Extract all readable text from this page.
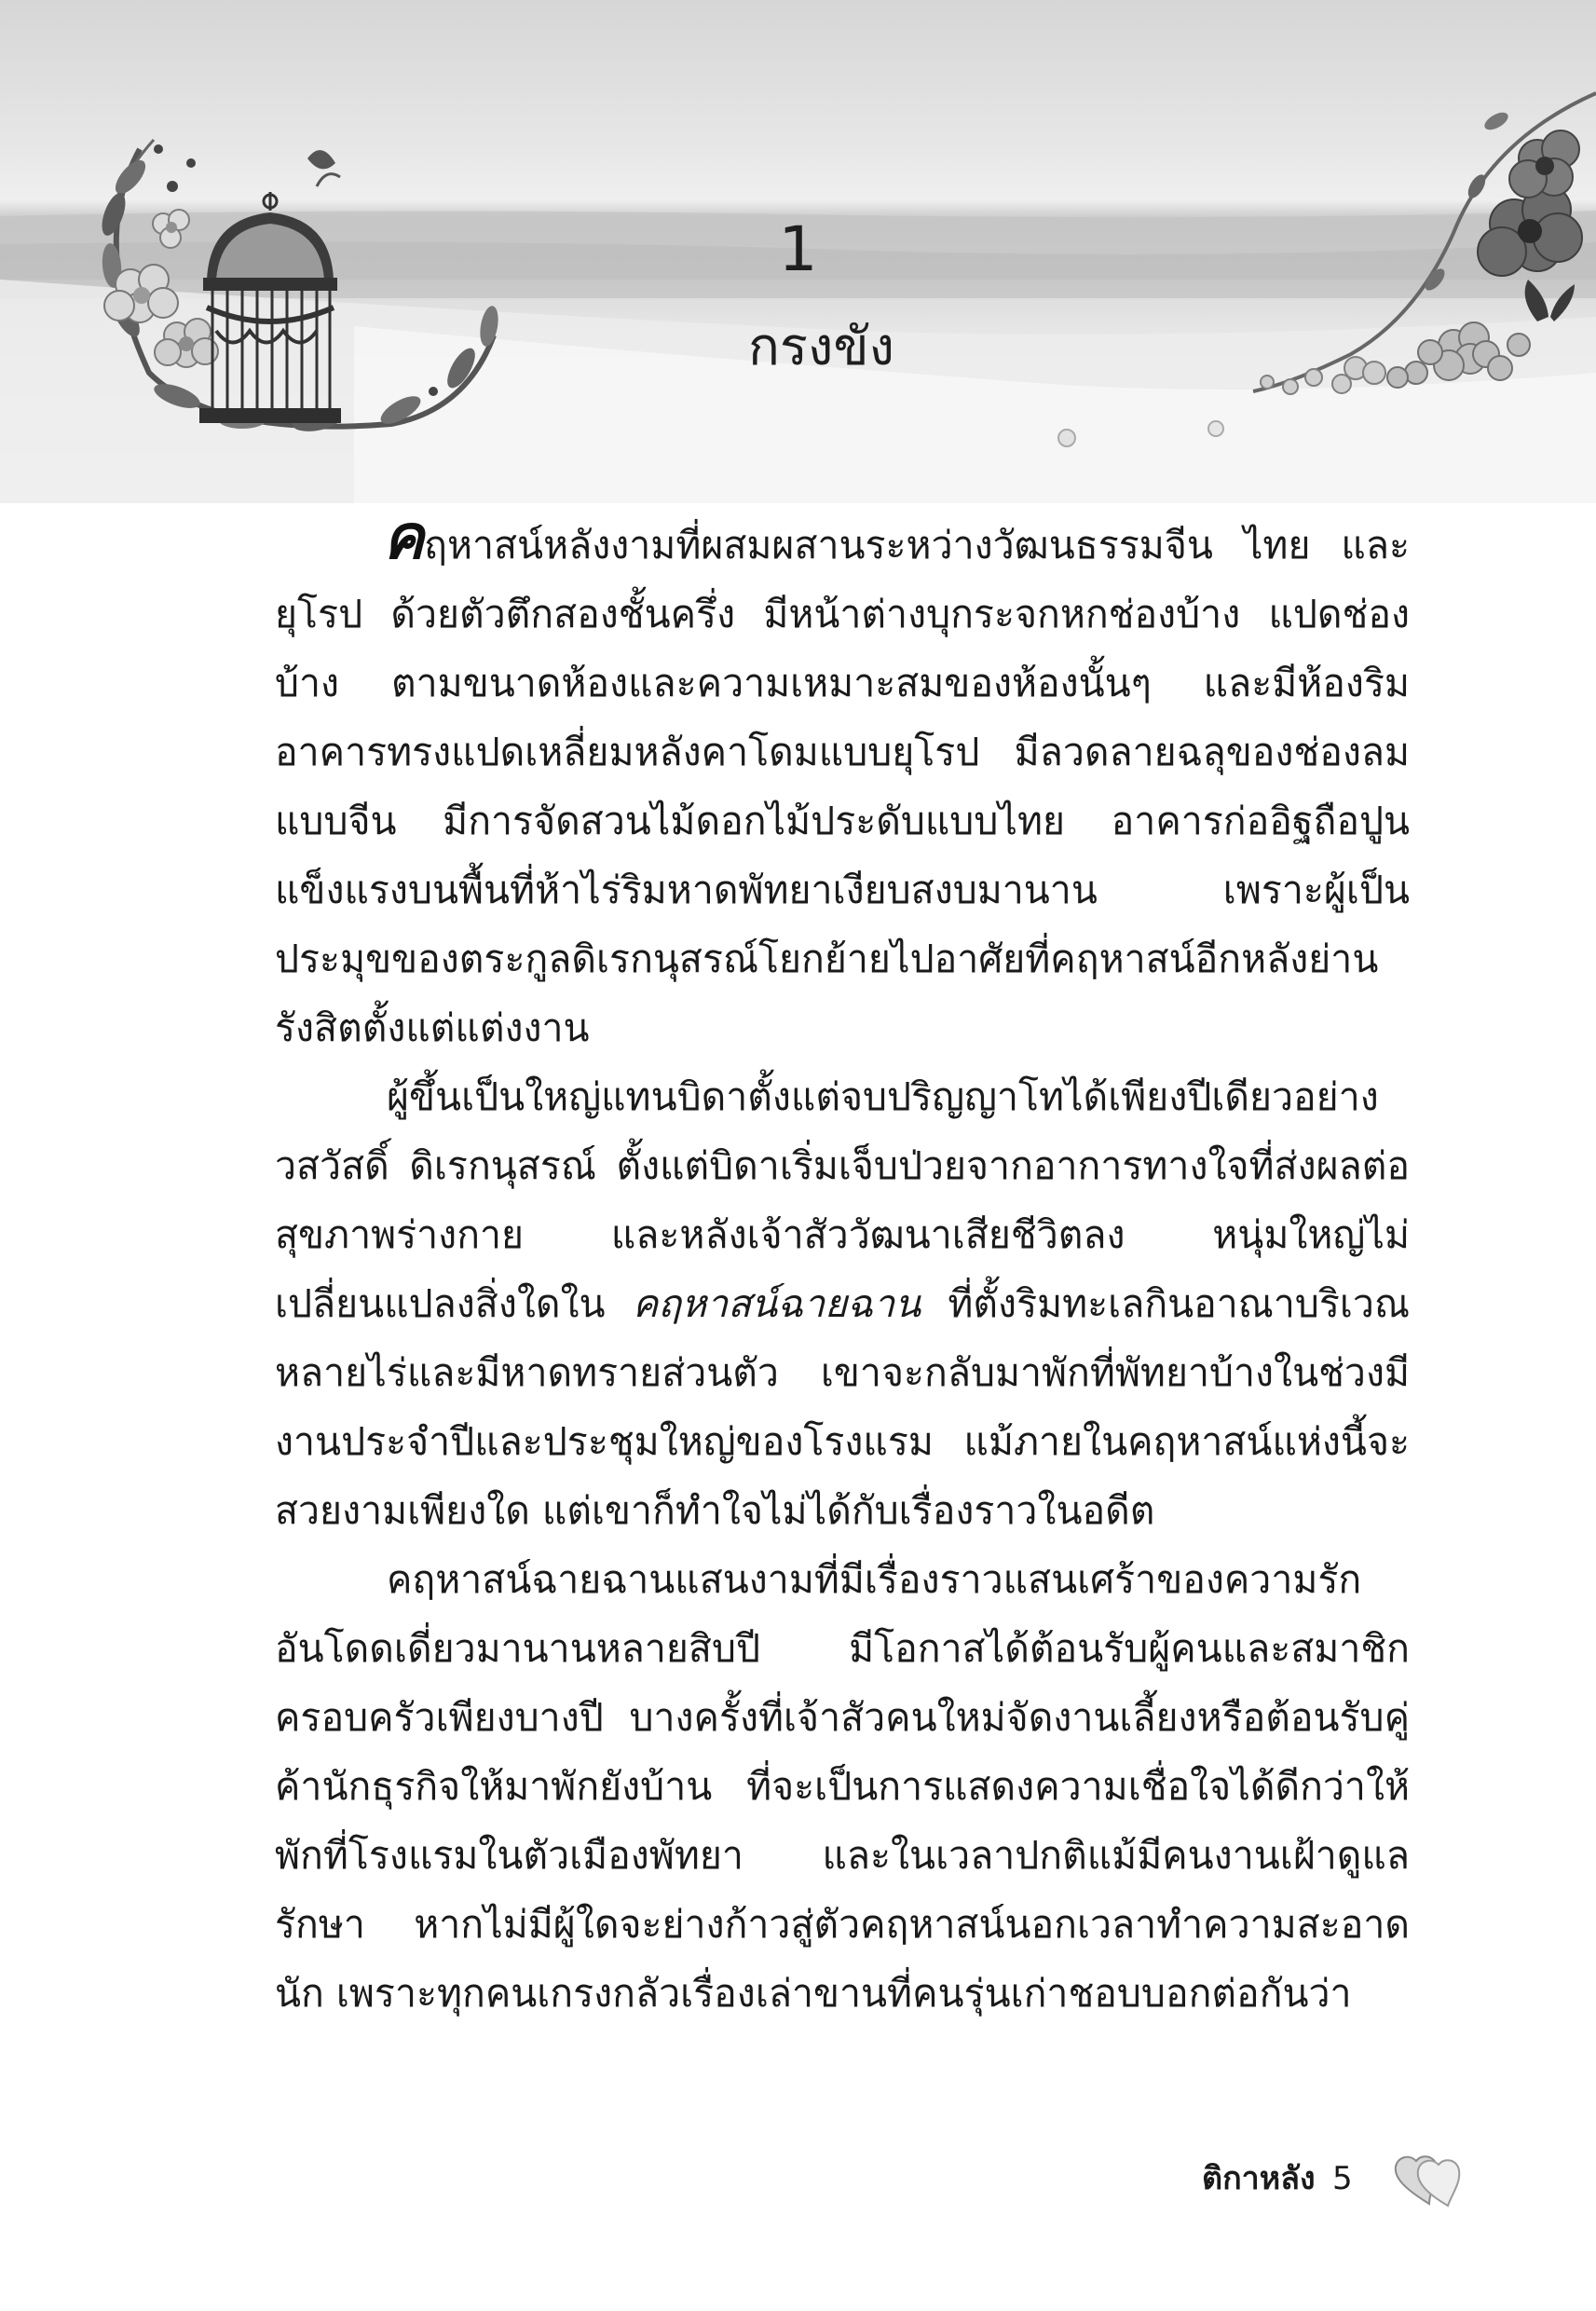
1
กรงขัง

คฤหาสน์หลังงามที่ผสมผสานระหว่างวัฒนธรรมจีน ไทย และยุโรป ด้วยตัวตึกสองชั้นครึ่ง มีหน้าต่างบุกระจกหกช่องบ้าง แปดช่องบ้าง ตามขนาดห้องและความเหมาะสมของห้องนั้นๆ และมีห้องริมอาคารทรงแปดเหลี่ยมหลังคาโดมแบบยุโรป มีลวดลายฉลุของช่องลมแบบจีน มีการจัดสวนไม้ดอกไม้ประดับแบบไทย อาคารก่ออิฐถือปูนแข็งแรงบนพื้นที่ห้าไร่ริมหาดพัทยาเงียบสงบมานาน เพราะผู้เป็นประมุขของตระกูลดิเรกนุสรณ์โยกย้ายไปอาศัยที่คฤหาสน์อีกหลังย่านรังสิตตั้งแต่แต่งงาน

ผู้ขึ้นเป็นใหญ่แทนบิดาตั้งแต่จบปริญญาโทได้เพียงปีเดียวอย่าง วสวัสดิ์ ดิเรกนุสรณ์ ตั้งแต่บิดาเริ่มเจ็บป่วยจากอาการทางใจที่ส่งผลต่อสุขภาพร่างกาย และหลังเจ้าสัววัฒนาเสียชีวิตลง หนุ่มใหญ่ไม่เปลี่ยนแปลงสิ่งใดใน คฤหาสน์ฉายฉาน ที่ตั้งริมทะเลกินอาณาบริเวณหลายไร่และมีหาดทรายส่วนตัว เขาจะกลับมาพักที่พัทยาบ้างในช่วงมีงานประจำปีและประชุมใหญ่ของโรงแรม แม้ภายในคฤหาสน์แห่งนี้จะสวยงามเพียงใด แต่เขาก็ทำใจไม่ได้กับเรื่องราวในอดีต

คฤหาสน์ฉายฉานแสนงามที่มีเรื่องราวแสนเศร้าของความรักอันโดดเดี่ยวมานานหลายสิบปี มีโอกาสได้ต้อนรับผู้คนและสมาชิกครอบครัวเพียงบางปี บางครั้งที่เจ้าสัวคนใหม่จัดงานเลี้ยงหรือต้อนรับคู่ค้านักธุรกิจให้มาพักยังบ้าน ที่จะเป็นการแสดงความเชื่อใจได้ดีกว่าให้พักที่โรงแรมในตัวเมืองพัทยา และในเวลาปกติแม้มีคนงานเฝ้าดูแลรักษา หากไม่มีผู้ใดจะย่างก้าวสู่ตัวคฤหาสน์นอกเวลาทำความสะอาดนัก เพราะทุกคนเกรงกลัวเรื่องเล่าขานที่คนรุ่นเก่าชอบบอกต่อกันว่า

ติกาหลัง 5
